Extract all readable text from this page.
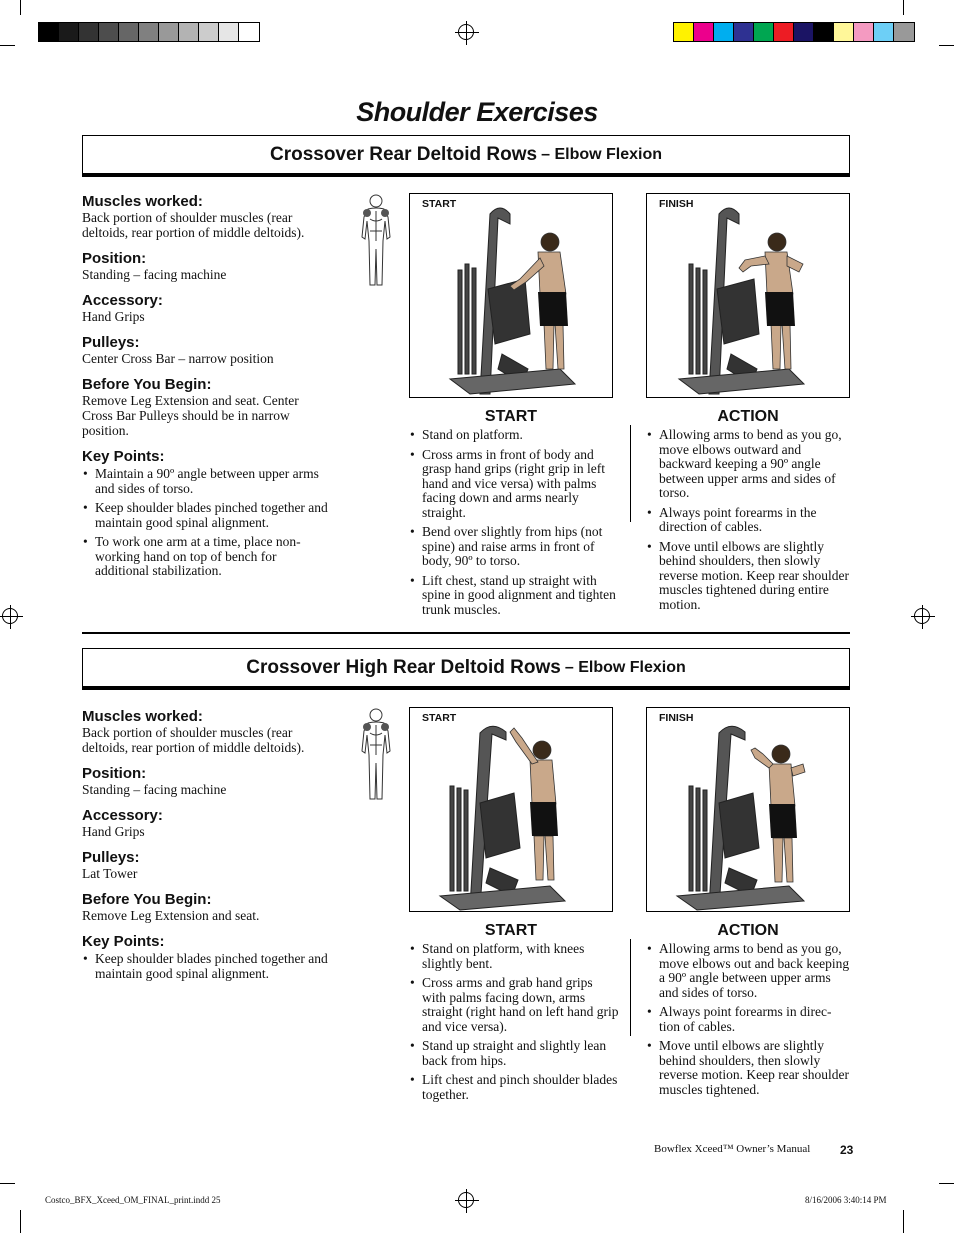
Shoulder Exercises
Crossover Rear Deltoid Rows – Elbow Flexion
Muscles worked:
Back portion of shoulder muscles (rear deltoids, rear portion of middle deltoids).
Position:
Standing – facing machine
Accessory:
Hand Grips
Pulleys:
Center Cross Bar – narrow position
Before You Begin:
Remove Leg Extension and seat. Center Cross Bar Pulleys should be in narrow position.
Key Points:
• Maintain a 90º angle between upper arms and sides of torso.
• Keep shoulder blades pinched together and maintain good spinal alignment.
• To work one arm at a time, place non-working hand on top of bench for additional stabilization.
START	FINISH
START	ACTION
• Stand on platform.
• Cross arms in front of body and grasp hand grips (right grip in left hand and vice versa) with palms facing down and arms nearly straight.
• Bend over slightly from hips (not spine) and raise arms in front of body, 90º to torso.
• Lift chest, stand up straight with spine in good alignment and tighten trunk muscles.
• Allowing arms to bend as you go, move elbows outward and backward keeping a 90º angle between upper arms and sides of torso.
• Always point forearms in the direction of cables.
• Move until elbows are slightly behind shoulders, then slowly reverse motion. Keep rear shoulder muscles tightened during entire motion.
Crossover High Rear Deltoid Rows – Elbow Flexion
Muscles worked:
Back portion of shoulder muscles (rear deltoids, rear portion of middle deltoids).
Position:
Standing – facing machine
Accessory:
Hand Grips
Pulleys:
Lat Tower
Before You Begin:
Remove Leg Extension and seat.
Key Points:
• Keep shoulder blades pinched together and maintain good spinal alignment.
START	FINISH
START	ACTION
• Stand on platform, with knees slightly bent.
• Cross arms and grab hand grips with palms facing down, arms straight (right hand on left hand grip and vice versa).
• Stand up straight and slightly lean back from hips.
• Lift chest and pinch shoulder blades together.
• Allowing arms to bend as you go, move elbows out and back keeping a 90º angle between upper arms and sides of torso.
• Always point forearms in direc-tion of cables.
• Move until elbows are slightly behind shoulders, then slowly reverse motion. Keep rear shoulder muscles tightened.
Bowflex Xceed™ Owner’s Manual 23
Costco_BFX_Xceed_OM_FINAL_print.indd 25	8/16/2006 3:40:14 PM
